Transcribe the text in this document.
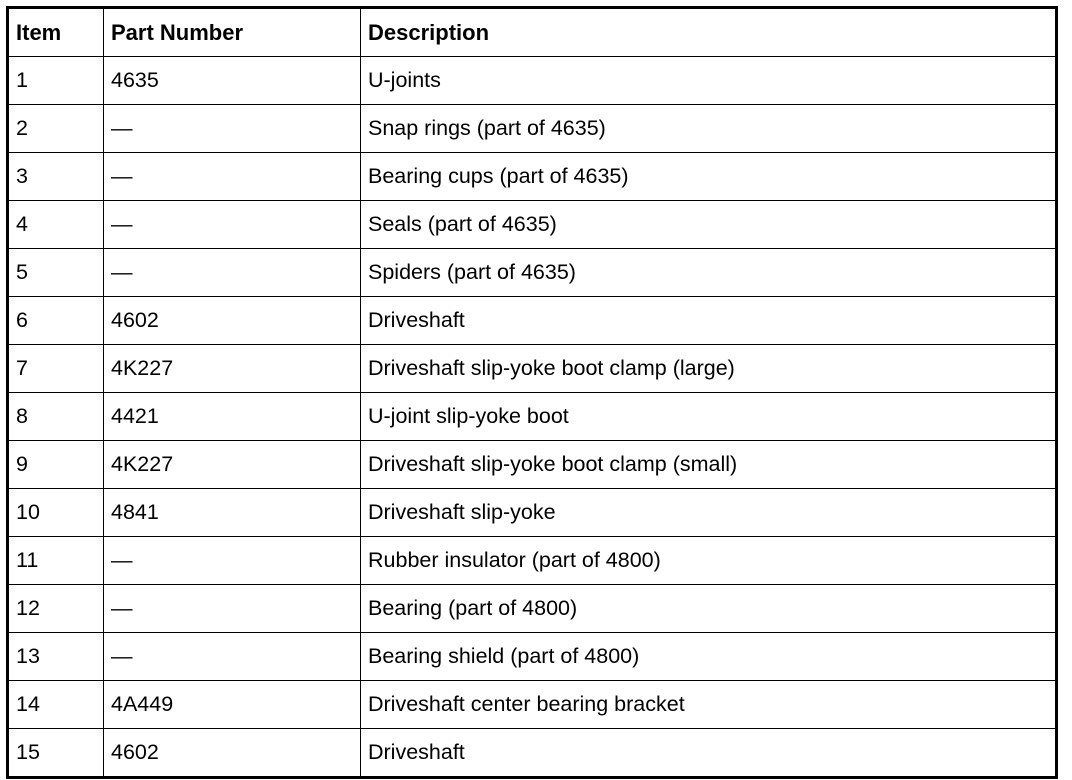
Item	Part Number	Description
1	4635	U-joints
2	—	Snap rings (part of 4635)
3	—	Bearing cups (part of 4635)
4	—	Seals (part of 4635)
5	—	Spiders (part of 4635)
6	4602	Driveshaft
7	4K227	Driveshaft slip-yoke boot clamp (large)
8	4421	U-joint slip-yoke boot
9	4K227	Driveshaft slip-yoke boot clamp (small)
10	4841	Driveshaft slip-yoke
11	—	Rubber insulator (part of 4800)
12	—	Bearing (part of 4800)
13	—	Bearing shield (part of 4800)
14	4A449	Driveshaft center bearing bracket
15	4602	Driveshaft
